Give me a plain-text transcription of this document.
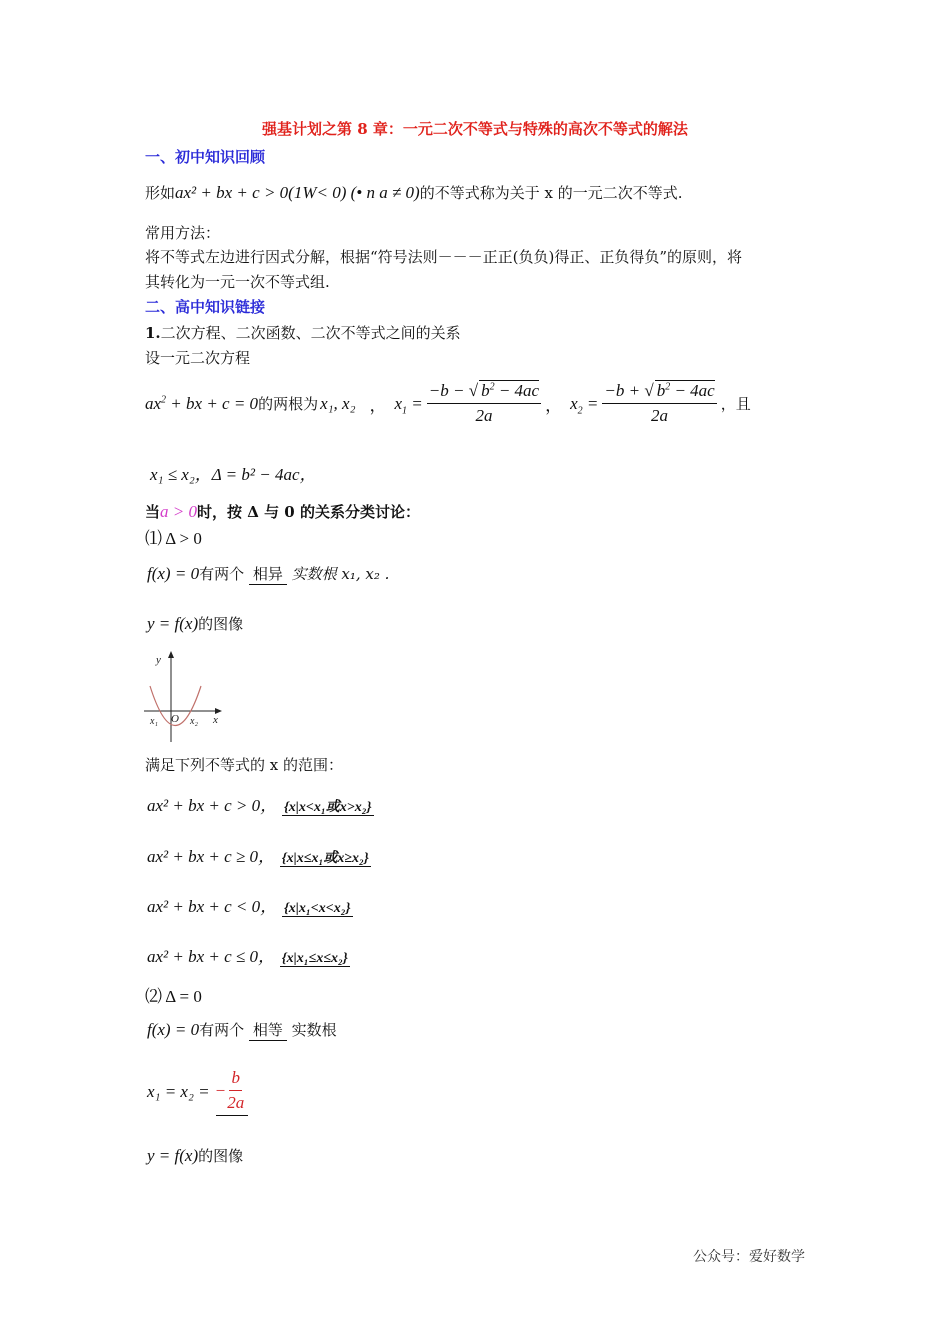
强基计划之第 8 章：一元二次不等式与特殊的高次不等式的解法
一、初中知识回顾
形如ax² + bx + c > 0(1W< 0) (• n a ≠ 0)的不等式称为关于 x 的一元二次不等式.
常用方法：
将不等式左边进行因式分解，根据“符号法则－－－正正(负负)得正、正负得负”的原则，将
其转化为一元一次不等式组.
二、高中知识链接
1.二次方程、二次函数、二次不等式之间的关系
设一元二次方程
$ax^2$ + bx + c = 0 的两根为 x₁, x₂ ， $x_1 = \frac{-b - √ b^2 - 4ac}{2a}$ ， $x_2 = \frac{-b + √ b^2 - 4ac}{2a}$ ，且
x₁ ≤ x₂，Δ = b² − 4ac，
当a > 0时，按 Δ 与 0 的关系分类讨论：
⑴ Δ > 0
f(x) = 0有两个 相异 实数根 x₁, x₂ .
y = f(x)的图像
y
x
O
x₁	x₂
满足下列不等式的 x 的范围：
ax² + bx + c > 0， {x|x<x₁或x>x₂}
ax² + bx + c ≥ 0， {x|x≤x₁或x≥x₂}
ax² + bx + c < 0， {x|x₁<x<x₂}
ax² + bx + c ≤ 0， {x|x₁≤x≤x₂}
⑵ Δ = 0
f(x) = 0有两个 相等 实数根
x₁ = x₂ = − $\frac{b}{2a}$
y = f(x)的图像
公众号：爱好数学
